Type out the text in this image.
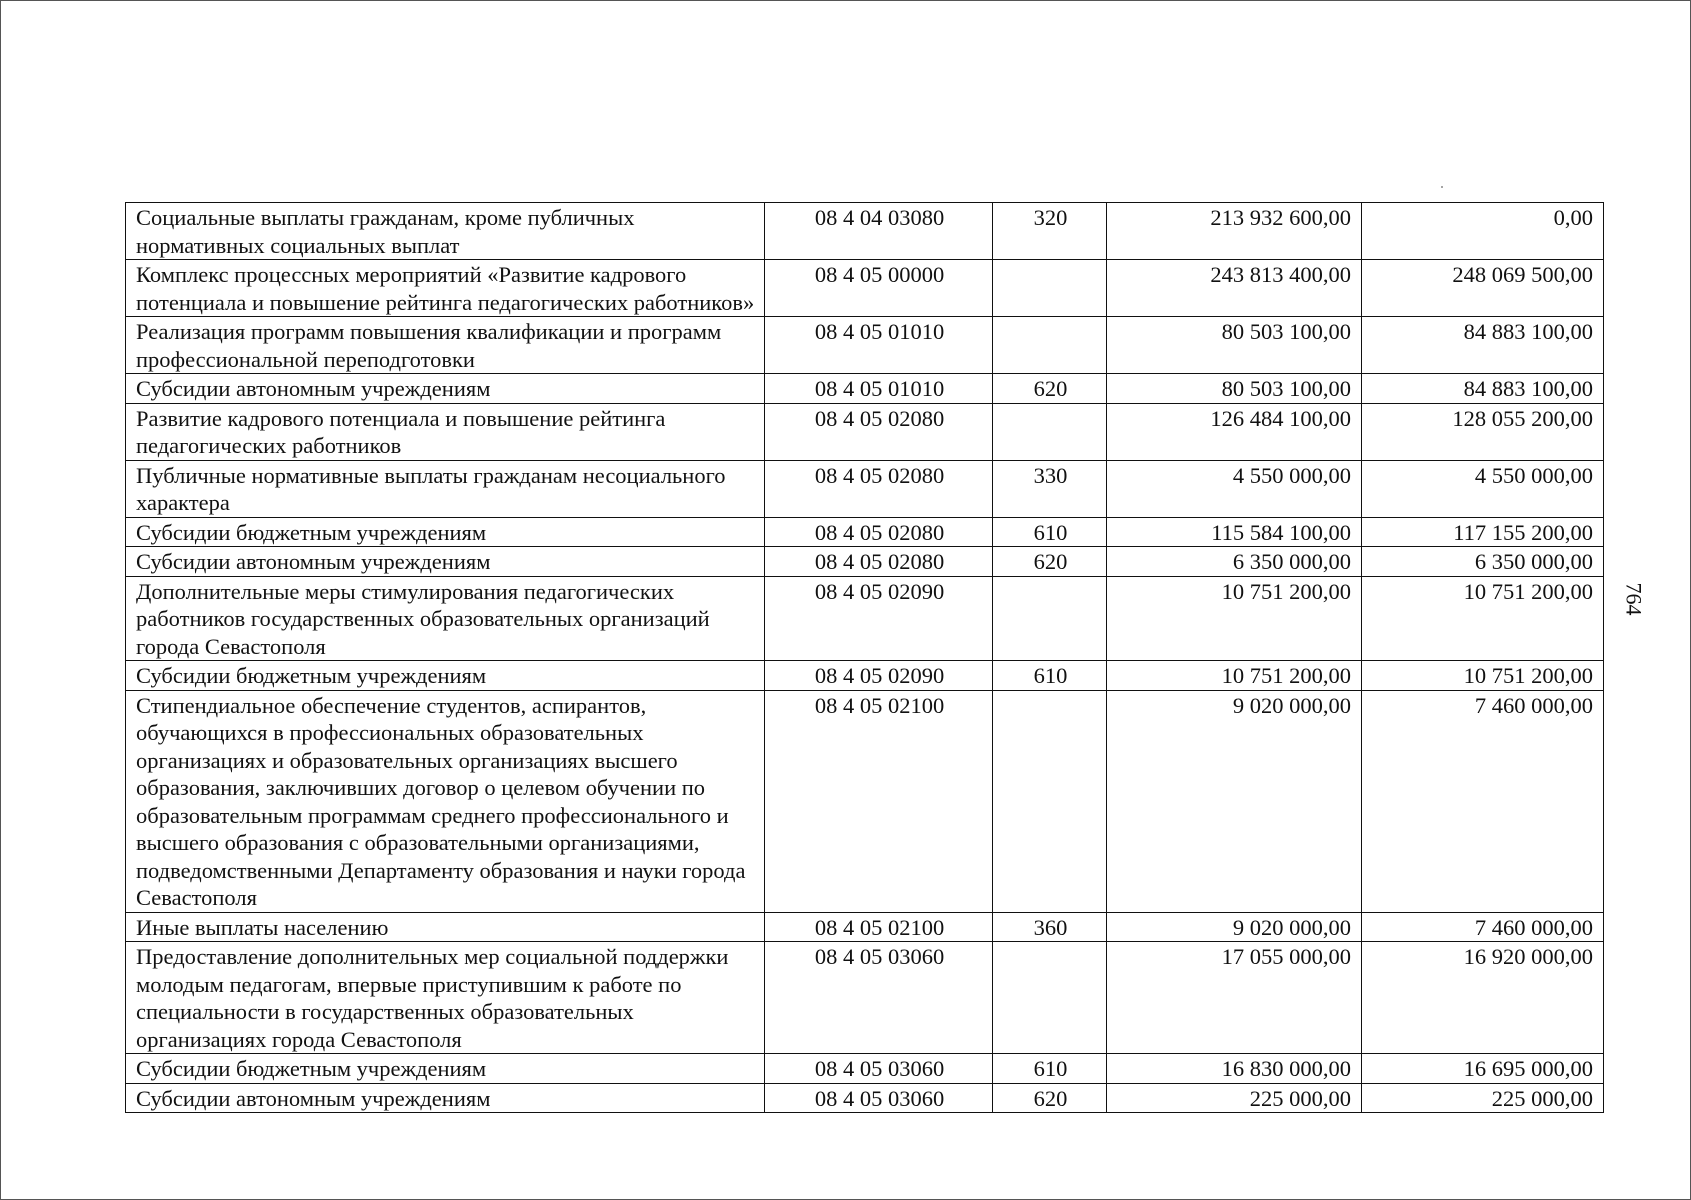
Социальные выплаты гражданам, кроме публичных нормативных социальных выплат	08 4 04 03080	320	213 932 600,00	0,00
Комплекс процессных мероприятий «Развитие кадрового потенциала и повышение рейтинга педагогических работников»	08 4 05 00000		243 813 400,00	248 069 500,00
Реализация программ повышения квалификации и программ профессиональной переподготовки	08 4 05 01010		80 503 100,00	84 883 100,00
Субсидии автономным учреждениям	08 4 05 01010	620	80 503 100,00	84 883 100,00
Развитие кадрового потенциала и повышение рейтинга педагогических работников	08 4 05 02080		126 484 100,00	128 055 200,00
Публичные нормативные выплаты гражданам несоциального характера	08 4 05 02080	330	4 550 000,00	4 550 000,00
Субсидии бюджетным учреждениям	08 4 05 02080	610	115 584 100,00	117 155 200,00
Субсидии автономным учреждениям	08 4 05 02080	620	6 350 000,00	6 350 000,00
Дополнительные меры стимулирования педагогических работников государственных образовательных организаций города Севастополя	08 4 05 02090		10 751 200,00	10 751 200,00
Субсидии бюджетным учреждениям	08 4 05 02090	610	10 751 200,00	10 751 200,00
Стипендиальное обеспечение студентов, аспирантов, обучающихся в профессиональных образовательных организациях и образовательных организациях высшего образования, заключивших договор о целевом обучении по образовательным программам среднего профессионального и высшего образования с образовательными организациями, подведомственными Департаменту образования и науки города Севастополя	08 4 05 02100		9 020 000,00	7 460 000,00
Иные выплаты населению	08 4 05 02100	360	9 020 000,00	7 460 000,00
Предоставление дополнительных мер социальной поддержки молодым педагогам, впервые приступившим к работе по специальности в государственных образовательных организациях города Севастополя	08 4 05 03060		17 055 000,00	16 920 000,00
Субсидии бюджетным учреждениям	08 4 05 03060	610	16 830 000,00	16 695 000,00
Субсидии автономным учреждениям	08 4 05 03060	620	225 000,00	225 000,00
764
